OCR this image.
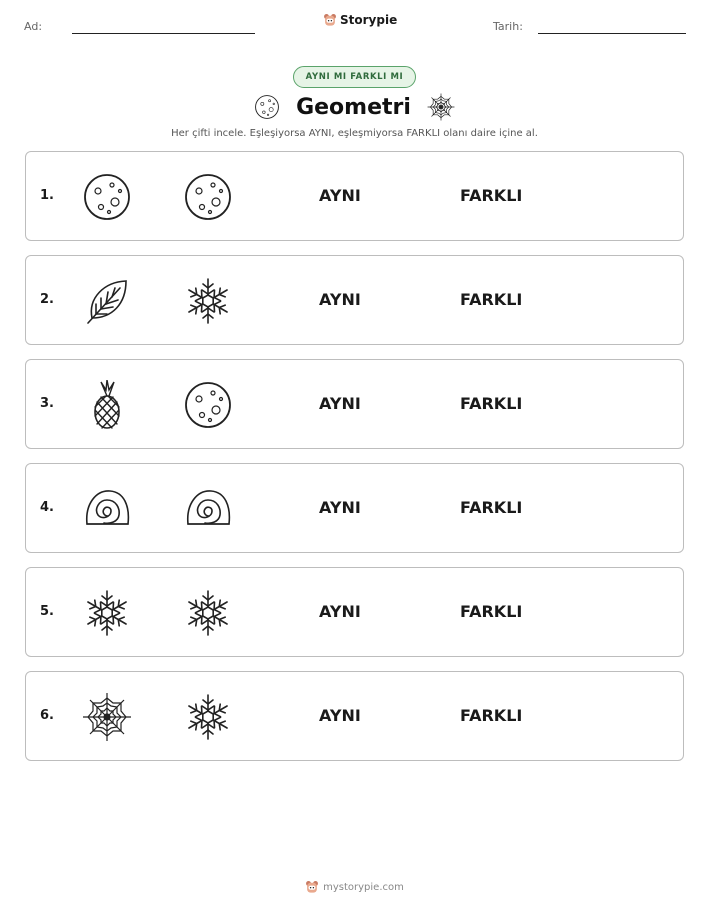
Ad:	Storypie	Tarih:
AYNI MI FARKLI MI
Geometri
Her çifti incele. Eşleşiyorsa AYNI, eşleşmiyorsa FARKLI olanı daire içine al.
1.	AYNI	FARKLI
2.	AYNI	FARKLI
3.	AYNI	FARKLI
4.	AYNI	FARKLI
5.	AYNI	FARKLI
6.	AYNI	FARKLI
mystorypie.com
